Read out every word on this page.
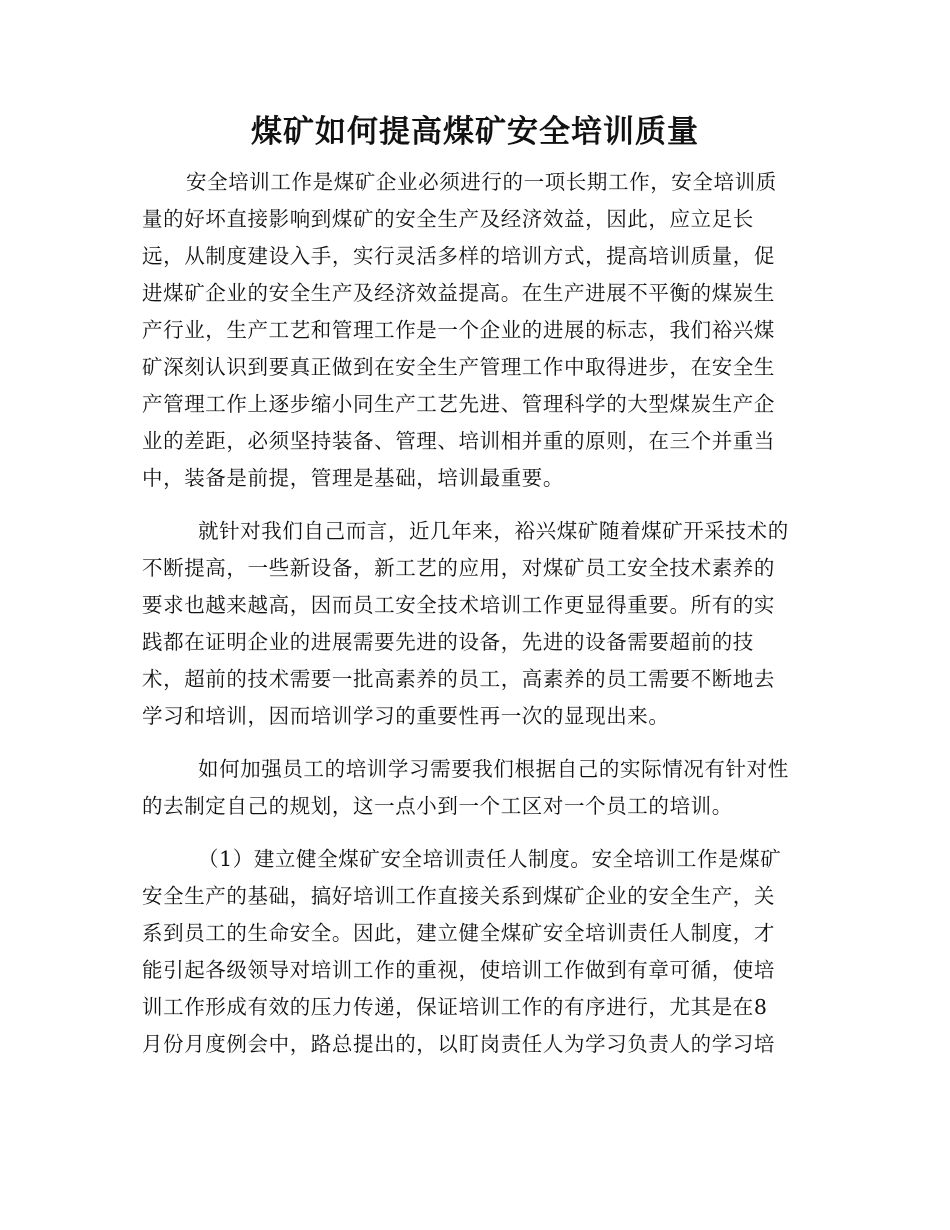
煤矿如何提高煤矿安全培训质量
安全培训工作是煤矿企业必须进行的一项长期工作，安全培训质
量的好坏直接影响到煤矿的安全生产及经济效益，因此，应立足长
远，从制度建设入手，实行灵活多样的培训方式，提高培训质量，促
进煤矿企业的安全生产及经济效益提高。在生产进展不平衡的煤炭生
产行业，生产工艺和管理工作是一个企业的进展的标志，我们裕兴煤
矿深刻认识到要真正做到在安全生产管理工作中取得进步，在安全生
产管理工作上逐步缩小同生产工艺先进、管理科学的大型煤炭生产企
业的差距，必须坚持装备、管理、培训相并重的原则，在三个并重当
中，装备是前提，管理是基础，培训最重要。
就针对我们自己而言，近几年来，裕兴煤矿随着煤矿开采技术的
不断提高，一些新设备，新工艺的应用，对煤矿员工安全技术素养的
要求也越来越高，因而员工安全技术培训工作更显得重要。所有的实
践都在证明企业的进展需要先进的设备，先进的设备需要超前的技
术，超前的技术需要一批高素养的员工，高素养的员工需要不断地去
学习和培训，因而培训学习的重要性再一次的显现出来。
如何加强员工的培训学习需要我们根据自己的实际情况有针对性
的去制定自己的规划，这一点小到一个工区对一个员工的培训。
（1）建立健全煤矿安全培训责任人制度。安全培训工作是煤矿
安全生产的基础，搞好培训工作直接关系到煤矿企业的安全生产，关
系到员工的生命安全。因此，建立健全煤矿安全培训责任人制度，才
能引起各级领导对培训工作的重视，使培训工作做到有章可循，使培
训工作形成有效的压力传递，保证培训工作的有序进行，尤其是在8
月份月度例会中，路总提出的，以盯岗责任人为学习负责人的学习培
